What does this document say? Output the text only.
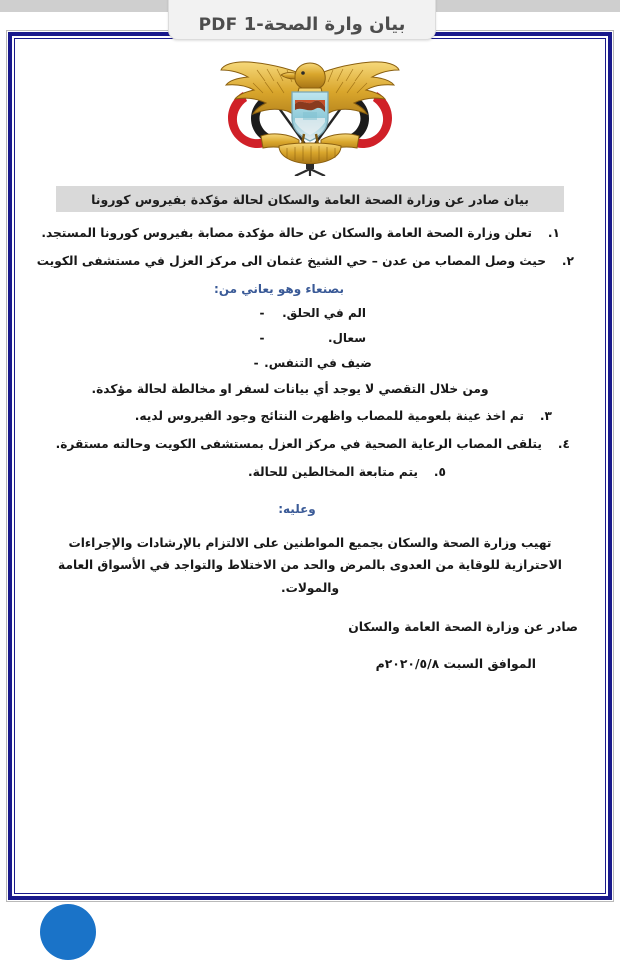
بيان وارة الصحة-1 PDF
بيان صادر عن وزارة الصحة العامة والسكان لحالة مؤكدة بفيروس كورونا
١.
تعلن وزارة الصحة العامة والسكان عن حالة مؤكدة مصابة بفيروس كورونا المستجد.
٢.
حيث وصل المصاب من عدن – حي الشيخ عثمان الى مركز العزل في مستشفى الكويت
بصنعاء وهو يعاني من:
الم في الحلق.
-
سعال.
-
ضيف في التنفس.
-
ومن خلال التقصي لا يوجد أي بيانات لسفر او مخالطة لحالة مؤكدة.
٣.
تم اخذ عينة بلعومية للمصاب واظهرت النتائج وجود الفيروس لديه.
٤.
يتلقى المصاب الرعاية الصحية في مركز العزل بمستشفى الكويت وحالته مستقرة.
٥.
يتم متابعة المخالطين للحالة.
وعليه:
تهيب وزارة الصحة والسكان بجميع المواطنين على الالتزام بالإرشادات والإجراءات الاحترازية للوقاية من العدوى بالمرض والحد من الاختلاط والتواجد في الأسواق العامة والمولات.
صادر عن وزارة الصحة العامة والسكان
الموافق السبت ٢٠٢٠/٥/٨م
